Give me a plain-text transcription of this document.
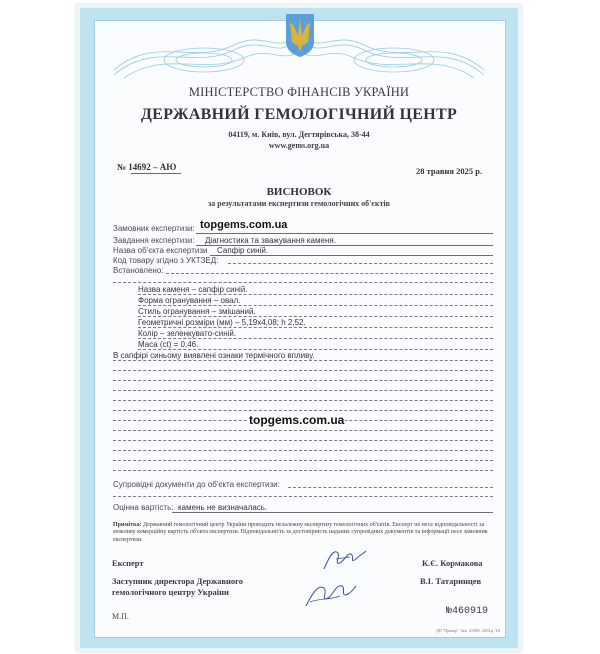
МІНІСТЕРСТВО ФІНАНСІВ УКРАЇНИ
ДЕРЖАВНИЙ ГЕМОЛОГІЧНИЙ ЦЕНТР
04119, м. Київ, вул. Дегтярівська, 38-44
www.gems.org.ua
№ 14692 – АЮ	28 травня 2025 р.
ВИСНОВОК
за результатами експертизи гемологічних об'єктів
Замовник експертизи: topgems.com.ua
Завдання експертизи: Діагностика та зважування каменя.
Назва об'єкта експертизи Сапфір синій.
Код товару згідно з УКТЗЕД:
Встановлено:
Назва каменя – сапфір синій.
Форма огранування – овал.
Стиль огранування – змішаний.
Геометричні розміри (мм) – 5,19х4,08; h 2,52.
Колір – зеленкувато-синій.
Маса (ct) = 0,46.
В сапфірі синьому виявлені ознаки термічного впливу.
topgems.com.ua
Супровідні документи до об'єкта експертизи:
Оцінна вартість: камень не визначалась.
Примітка: Державний гемологічний центр України проводить незалежну експертизу гемологічних об'єктів. Експерт не несе відповідальності за можливу комерційну вартість об'єкта експертизи. Відповідальність за достовірність наданих супровідних документів та інформації несе замовник експертизи.
Експерт	К.Є. Кормакова
Заступник директора Державного
гемологічного центру України
В.І. Татаринцев
М.П.	№460919
ДП "Прапор". Зам. 41/805. 2024 р. Т.6
